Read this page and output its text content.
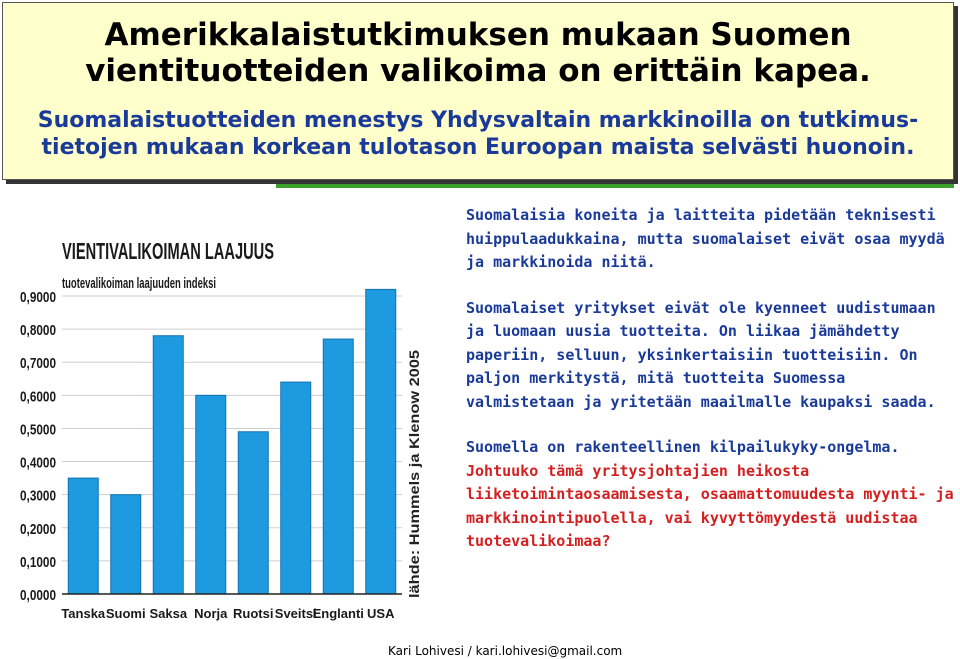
Amerikkalaistutkimuksen mukaan Suomen
vientituotteiden valikoima on erittäin kapea.
Suomalaistuotteiden menestys Yhdysvaltain markkinoilla on tutkimus-
tietojen mukaan korkean tulotason Euroopan maista selvästi huonoin.
VIENTIVALIKOIMAN LAAJUUS
tuotevalikoiman laajuuden indeksi
0,0000
0,1000
0,2000
0,3000
0,4000
0,5000
0,6000
0,7000
0,8000
0,9000
Tanska Suomi Saksa Norja Ruotsi Sveitsi
Englanti USA
lähde: Hummels ja Klenow 2005

Suomalaisia koneita ja laitteita pidetään teknisesti huippulaadukkaina, mutta suomalaiset eivät osaa myydä ja markkinoida niitä.

Suomalaiset yritykset eivät ole kyenneet uudistumaan ja luomaan uusia tuotteita. On liikaa jämähdetty paperiin, selluun, yksinkertaisiin tuotteisiin. On paljon merkitystä, mitä tuotteita Suomessa valmistetaan ja yritetään maailmalle kaupaksi saada.

Suomella on rakenteellinen kilpailukyky-ongelma. Johtuuko tämä yritysjohtajien heikosta liiketoimintaosaamisesta, osaamattomuudesta myynti- ja markkinointipuolella, vai kyvyttömyydestä uudistaa tuotevalikoimaa?

Kari Lohivesi / kari.lohivesi@gmail.com
